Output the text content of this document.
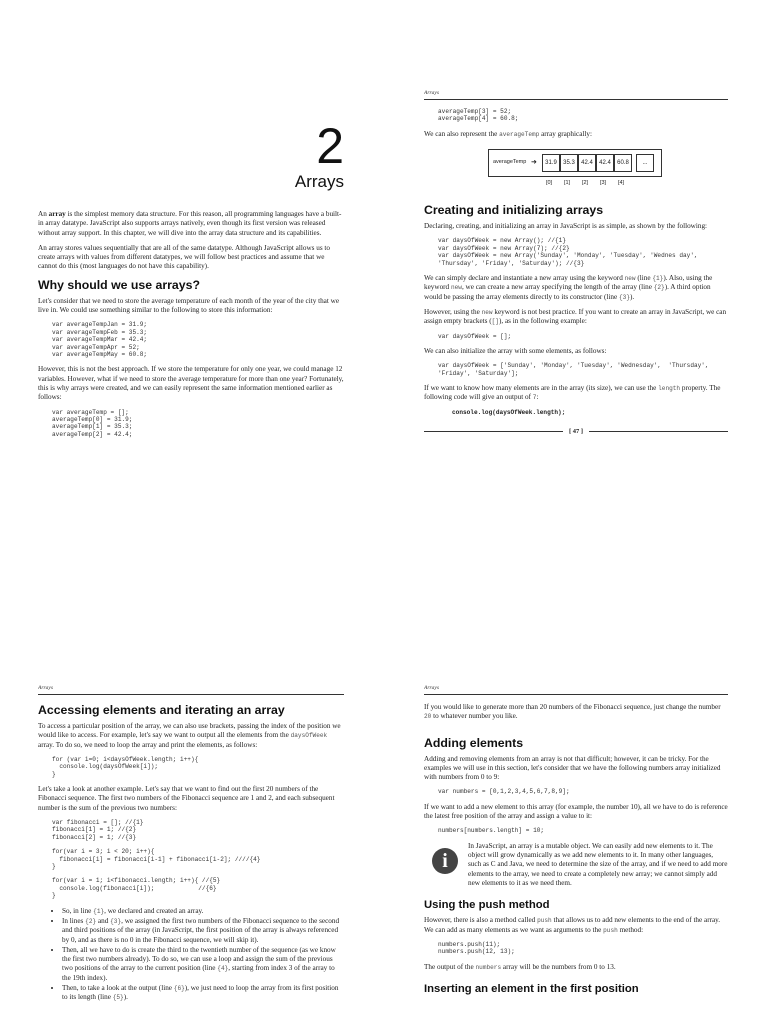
2
Arrays

An array is the simplest memory data structure. For this reason, all programming languages have a built-in array datatype. JavaScript also supports arrays natively, even though its first version was released without array support. In this chapter, we will dive into the array data structure and its capabilities.

An array stores values sequentially that are all of the same datatype. Although JavaScript allows us to create arrays with values from different datatypes, we will follow best practices and assume that we cannot do this (most languages do not have this capability).

Why should we use arrays?

Let's consider that we need to store the average temperature of each month of the year of the city that we live in. We could use something similar to the following to store this information:

var averageTempJan = 31.9;
var averageTempFeb = 35.3;
var averageTempMar = 42.4;
var averageTempApr = 52;
var averageTempMay = 60.8;

However, this is not the best approach. If we store the temperature for only one year, we could manage 12 variables. However, what if we need to store the average temperature for more than one year? Fortunately, this is why arrays were created, and we can easily represent the same information mentioned earlier as follows:

var averageTemp = [];
averageTemp[0] = 31.9;
averageTemp[1] = 35.3;
averageTemp[2] = 42.4;
Arrays
averageTemp[3] = 52;
averageTemp[4] = 60.8;

We can also represent the averageTemp array graphically:

averageTemp ➜	31.9	35.3	42.4	42.4	60.8	...
[0]	[1]	[2]	[3]	[4]
Creating and initializing arrays

Declaring, creating, and initializing an array in JavaScript is as simple, as shown by the following:

var daysOfWeek = new Array(); //{1}
var daysOfWeek = new Array(7); //{2}
var daysOfWeek = new Array('Sunday', 'Monday', 'Tuesday', 'Wednes day',
'Thursday', 'Friday', 'Saturday'); //{3}

We can simply declare and instantiate a new array using the keyword new (line {1}). Also, using the keyword new, we can create a new array specifying the length of the array (line {2}). A third option would be passing the array elements directly to its constructor (line {3}).

However, using the new keyword is not best practice. If you want to create an array in JavaScript, we can assign empty brackets ([]), as in the following example:

var daysOfWeek = [];

We can also initialize the array with some elements, as follows:

var daysOfWeek = ['Sunday', 'Monday', 'Tuesday', 'Wednesday',  'Thursday',
'Friday', 'Saturday'];

If we want to know how many elements are in the array (its size), we can use the length property. The following code will give an output of 7:

console.log(daysOfWeek.length);
[ 47 ]
Arrays
Accessing elements and iterating an array

To access a particular position of the array, we can also use brackets, passing the index of the position we would like to access. For example, let's say we want to output all the elements from the daysOfWeek array. To do so, we need to loop the array and print the elements, as follows:

for (var i=0; i<daysOfWeek.length; i++){
console.log(daysOfWeek[i]);
}

Let's take a look at another example. Let's say that we want to find out the first 20 numbers of the Fibonacci sequence. The first two numbers of the Fibonacci sequence are 1 and 2, and each subsequent number is the sum of the previous two numbers:

var fibonacci = []; //{1}
fibonacci[1] = 1; //{2}
fibonacci[2] = 1; //{3}
for(var i = 3; i < 20; i++){
fibonacci[i] = fibonacci[i-1] + fibonacci[i-2]; ////{4}
}
for(var i = 1; i<fibonacci.length; i++){ //{5}
console.log(fibonacci[i]);            //{6}
}
• So, in line {1}, we declared and created an array.
• In lines {2} and {3}, we assigned the first two numbers of the Fibonacci sequence to the second and third positions of the array (in JavaScript, the first position of the array is always referenced by 0, and as there is no 0 in the Fibonacci sequence, we will skip it).
• Then, all we have to do is create the third to the twentieth number of the sequence (as we know the first two numbers already). To do so, we can use a loop and assign the sum of the previous two positions of the array to the current position (line {4}, starting from index 3 of the array to the 19th index).
• Then, to take a look at the output (line {6}), we just need to loop the array from its first position to its length (line {5}).
Arrays

If you would like to generate more than 20 numbers of the Fibonacci sequence, just change the number 20 to whatever number you like.

Adding elements

Adding and removing elements from an array is not that difficult; however, it can be tricky. For the examples we will use in this section, let's consider that we have the following numbers array initialized with numbers from 0 to 9:

var numbers = [0,1,2,3,4,5,6,7,8,9];

If we want to add a new element to this array (for example, the number 10), all we have to do is reference the latest free position of the array and assign a value to it:

numbers[numbers.length] = 10;
i
In JavaScript, an array is a mutable object. We can easily add new elements to it. The object will grow dynamically as we add new elements to it. In many other languages, such as C and Java, we need to determine the size of the array, and if we need to add more elements to the array, we need to create a completely new array; we cannot simply add new elements to it as we need them.
Using the push method

However, there is also a method called push that allows us to add new elements to the end of the array. We can add as many elements as we want as arguments to the push method:

numbers.push(11);
numbers.push(12, 13);

The output of the numbers array will be the numbers from 0 to 13.

Inserting an element in the first position
